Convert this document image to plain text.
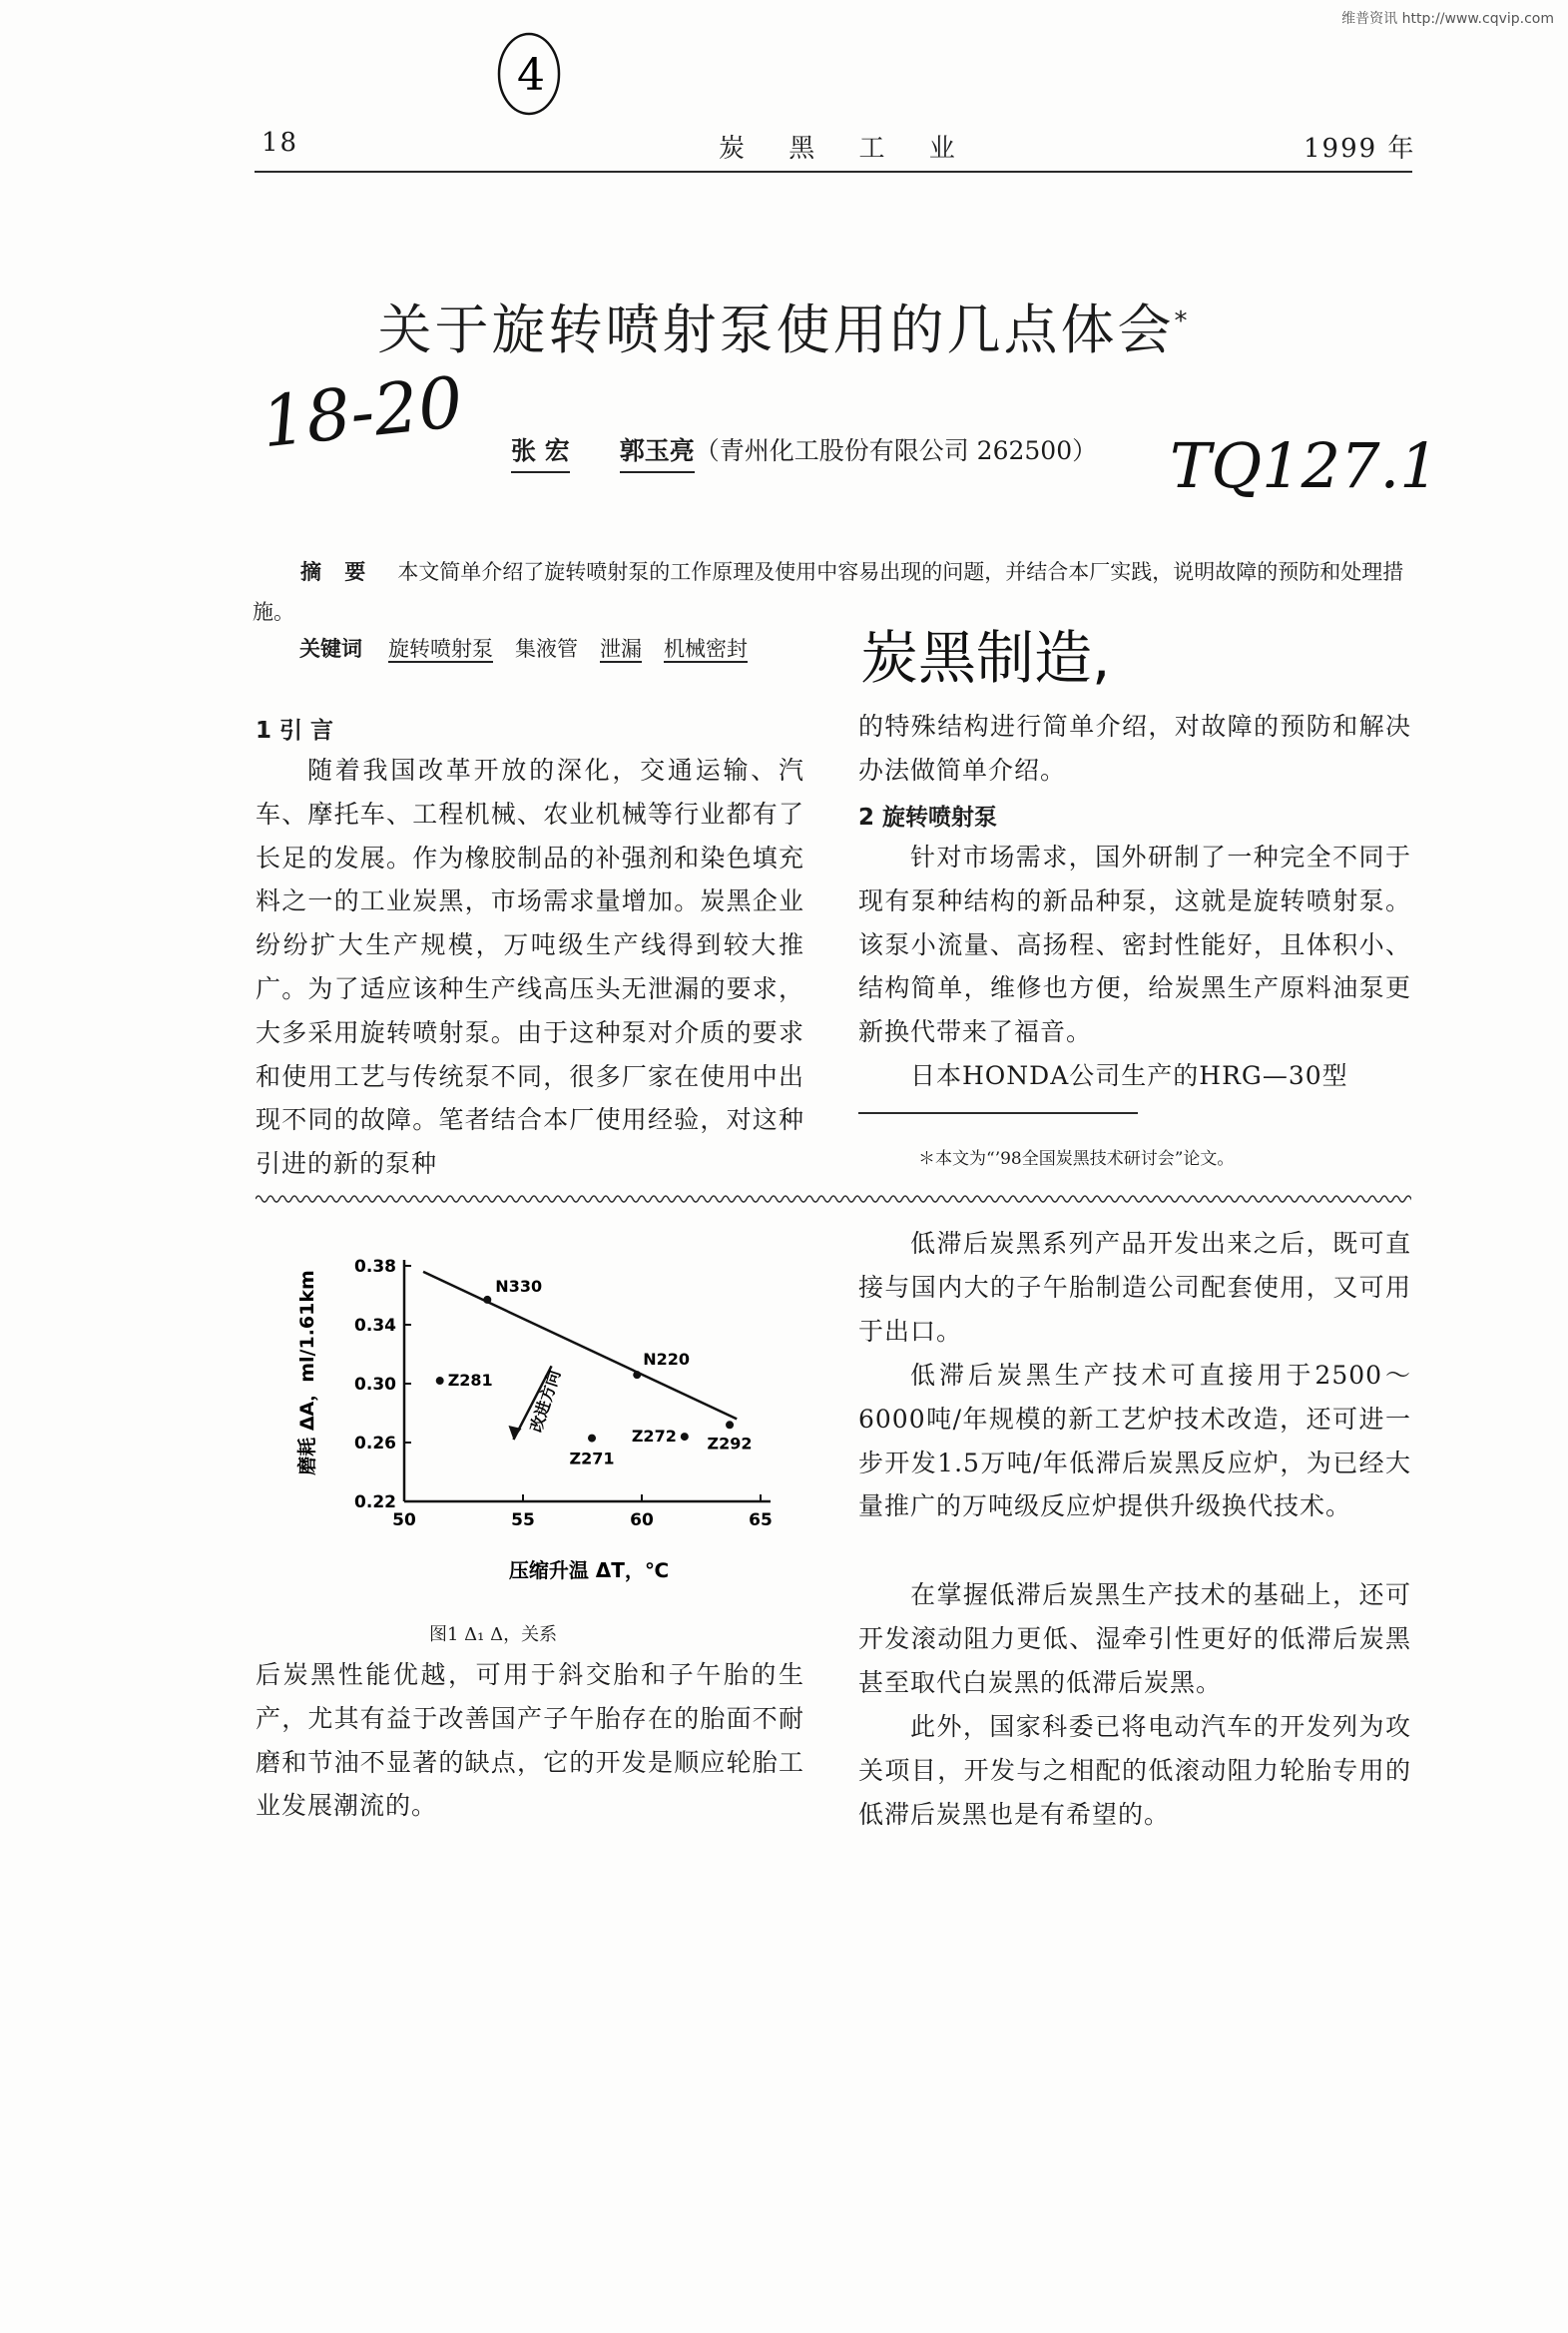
维普资讯 http://www.cqvip.com
4
18	炭 黑 工 业	1999 年
关于旋转喷射泵使用的几点体会*
18-20 张 宏 郭玉亮（青州化工股份有限公司 262500） TQ127.1
摘 要 本文简单介绍了旋转喷射泵的工作原理及使用中容易出现的问题，并结合本厂实践，说明故障的预防和处理措施。
关键词 旋转喷射泵 集液管 泄漏 机械密封	炭黑制造,
1 引 言
随着我国改革开放的深化，交通运输、汽车、摩托车、工程机械、农业机械等行业都有了长足的发展。作为橡胶制品的补强剂和染色填充料之一的工业炭黑，市场需求量增加。炭黑企业纷纷扩大生产规模，万吨级生产线得到较大推广。为了适应该种生产线高压头无泄漏的要求，大多采用旋转喷射泵。由于这种泵对介质的要求和使用工艺与传统泵不同，很多厂家在使用中出现不同的故障。笔者结合本厂使用经验，对这种引进的新的泵种
的特殊结构进行简单介绍，对故障的预防和解决办法做简单介绍。
2 旋转喷射泵
针对市场需求，国外研制了一种完全不同于现有泵种结构的新品种泵，这就是旋转喷射泵。该泵小流量、高扬程、密封性能好，且体积小、结构简单，维修也方便，给炭黑生产原料油泵更新换代带来了福音。
日本HONDA公司生产的HRG—30型
＊本文为“’98全国炭黑技术研讨会”论文。
0.22
0.26
0.30
0.34
0.38
50	55	60	65
N330
N220
Z281
Z271
Z272 Z292
改进方向
磨耗 ΔA，ml/1.61km
压缩升温 ΔT，℃
图1 Δ₁ Δ，关系
后炭黑性能优越，可用于斜交胎和子午胎的生产，尤其有益于改善国产子午胎存在的胎面不耐磨和节油不显著的缺点，它的开发是顺应轮胎工业发展潮流的。
低滞后炭黑系列产品开发出来之后，既可直接与国内大的子午胎制造公司配套使用，又可用于出口。
低滞后炭黑生产技术可直接用于2500～6000吨/年规模的新工艺炉技术改造，还可进一步开发1.5万吨/年低滞后炭黑反应炉，为已经大量推广的万吨级反应炉提供升级换代技术。
在掌握低滞后炭黑生产技术的基础上，还可开发滚动阻力更低、湿牵引性更好的低滞后炭黑甚至取代白炭黑的低滞后炭黑。
此外，国家科委已将电动汽车的开发列为攻关项目，开发与之相配的低滚动阻力轮胎专用的低滞后炭黑也是有希望的。
